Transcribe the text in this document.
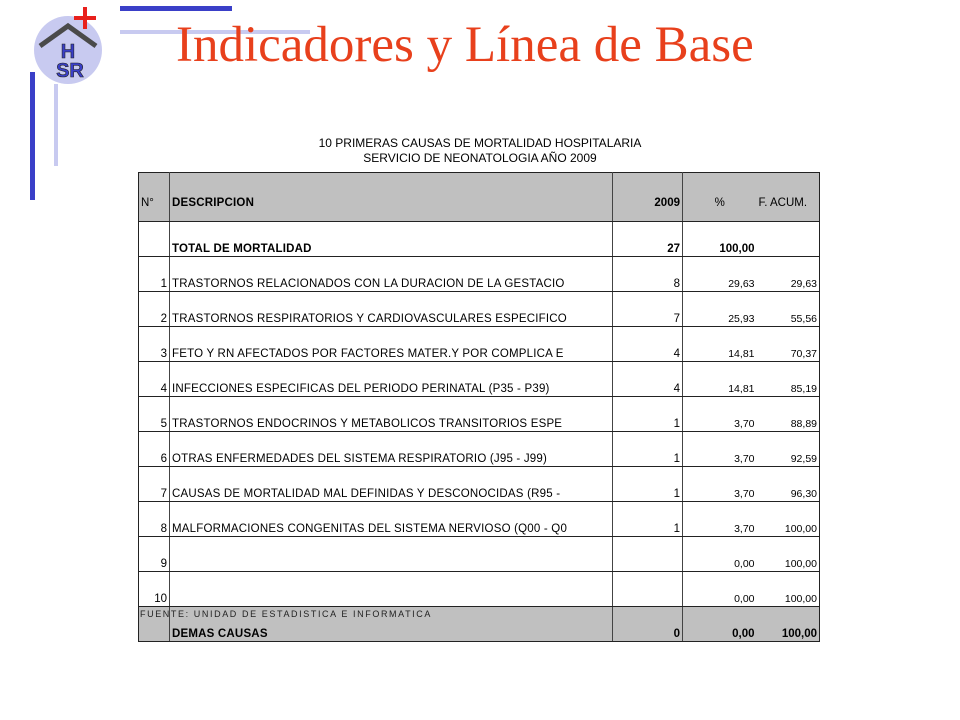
H
SR Indicadores y Línea de Base
10 PRIMERAS CAUSAS DE MORTALIDAD HOSPITALARIA
SERVICIO DE NEONATOLOGIA AÑO 2009
N°	DESCRIPCION	2009	%	F. ACUM.
	TOTAL DE MORTALIDAD	27	100,00	
1	TRASTORNOS RELACIONADOS CON LA DURACION DE LA GESTACIO	8	29,63	29,63
2	TRASTORNOS RESPIRATORIOS Y CARDIOVASCULARES ESPECIFICO	7	25,93	55,56
3	FETO Y RN AFECTADOS POR FACTORES MATER.Y POR COMPLICA E	4	14,81	70,37
4	INFECCIONES ESPECIFICAS DEL PERIODO PERINATAL (P35 - P39)	4	14,81	85,19
5	TRASTORNOS ENDOCRINOS Y METABOLICOS TRANSITORIOS ESPE	1	3,70	88,89
6	OTRAS ENFERMEDADES DEL SISTEMA RESPIRATORIO (J95 - J99)	1	3,70	92,59
7	CAUSAS DE MORTALIDAD MAL DEFINIDAS Y DESCONOCIDAS (R95 -	1	3,70	96,30
8	MALFORMACIONES CONGENITAS DEL SISTEMA NERVIOSO (Q00 - Q0	1	3,70	100,00
9			0,00	100,00
10			0,00	100,00
	DEMAS CAUSAS	0	0,00	100,00
FUENTE: UNIDAD DE ESTADISTICA E INFORMATICA
